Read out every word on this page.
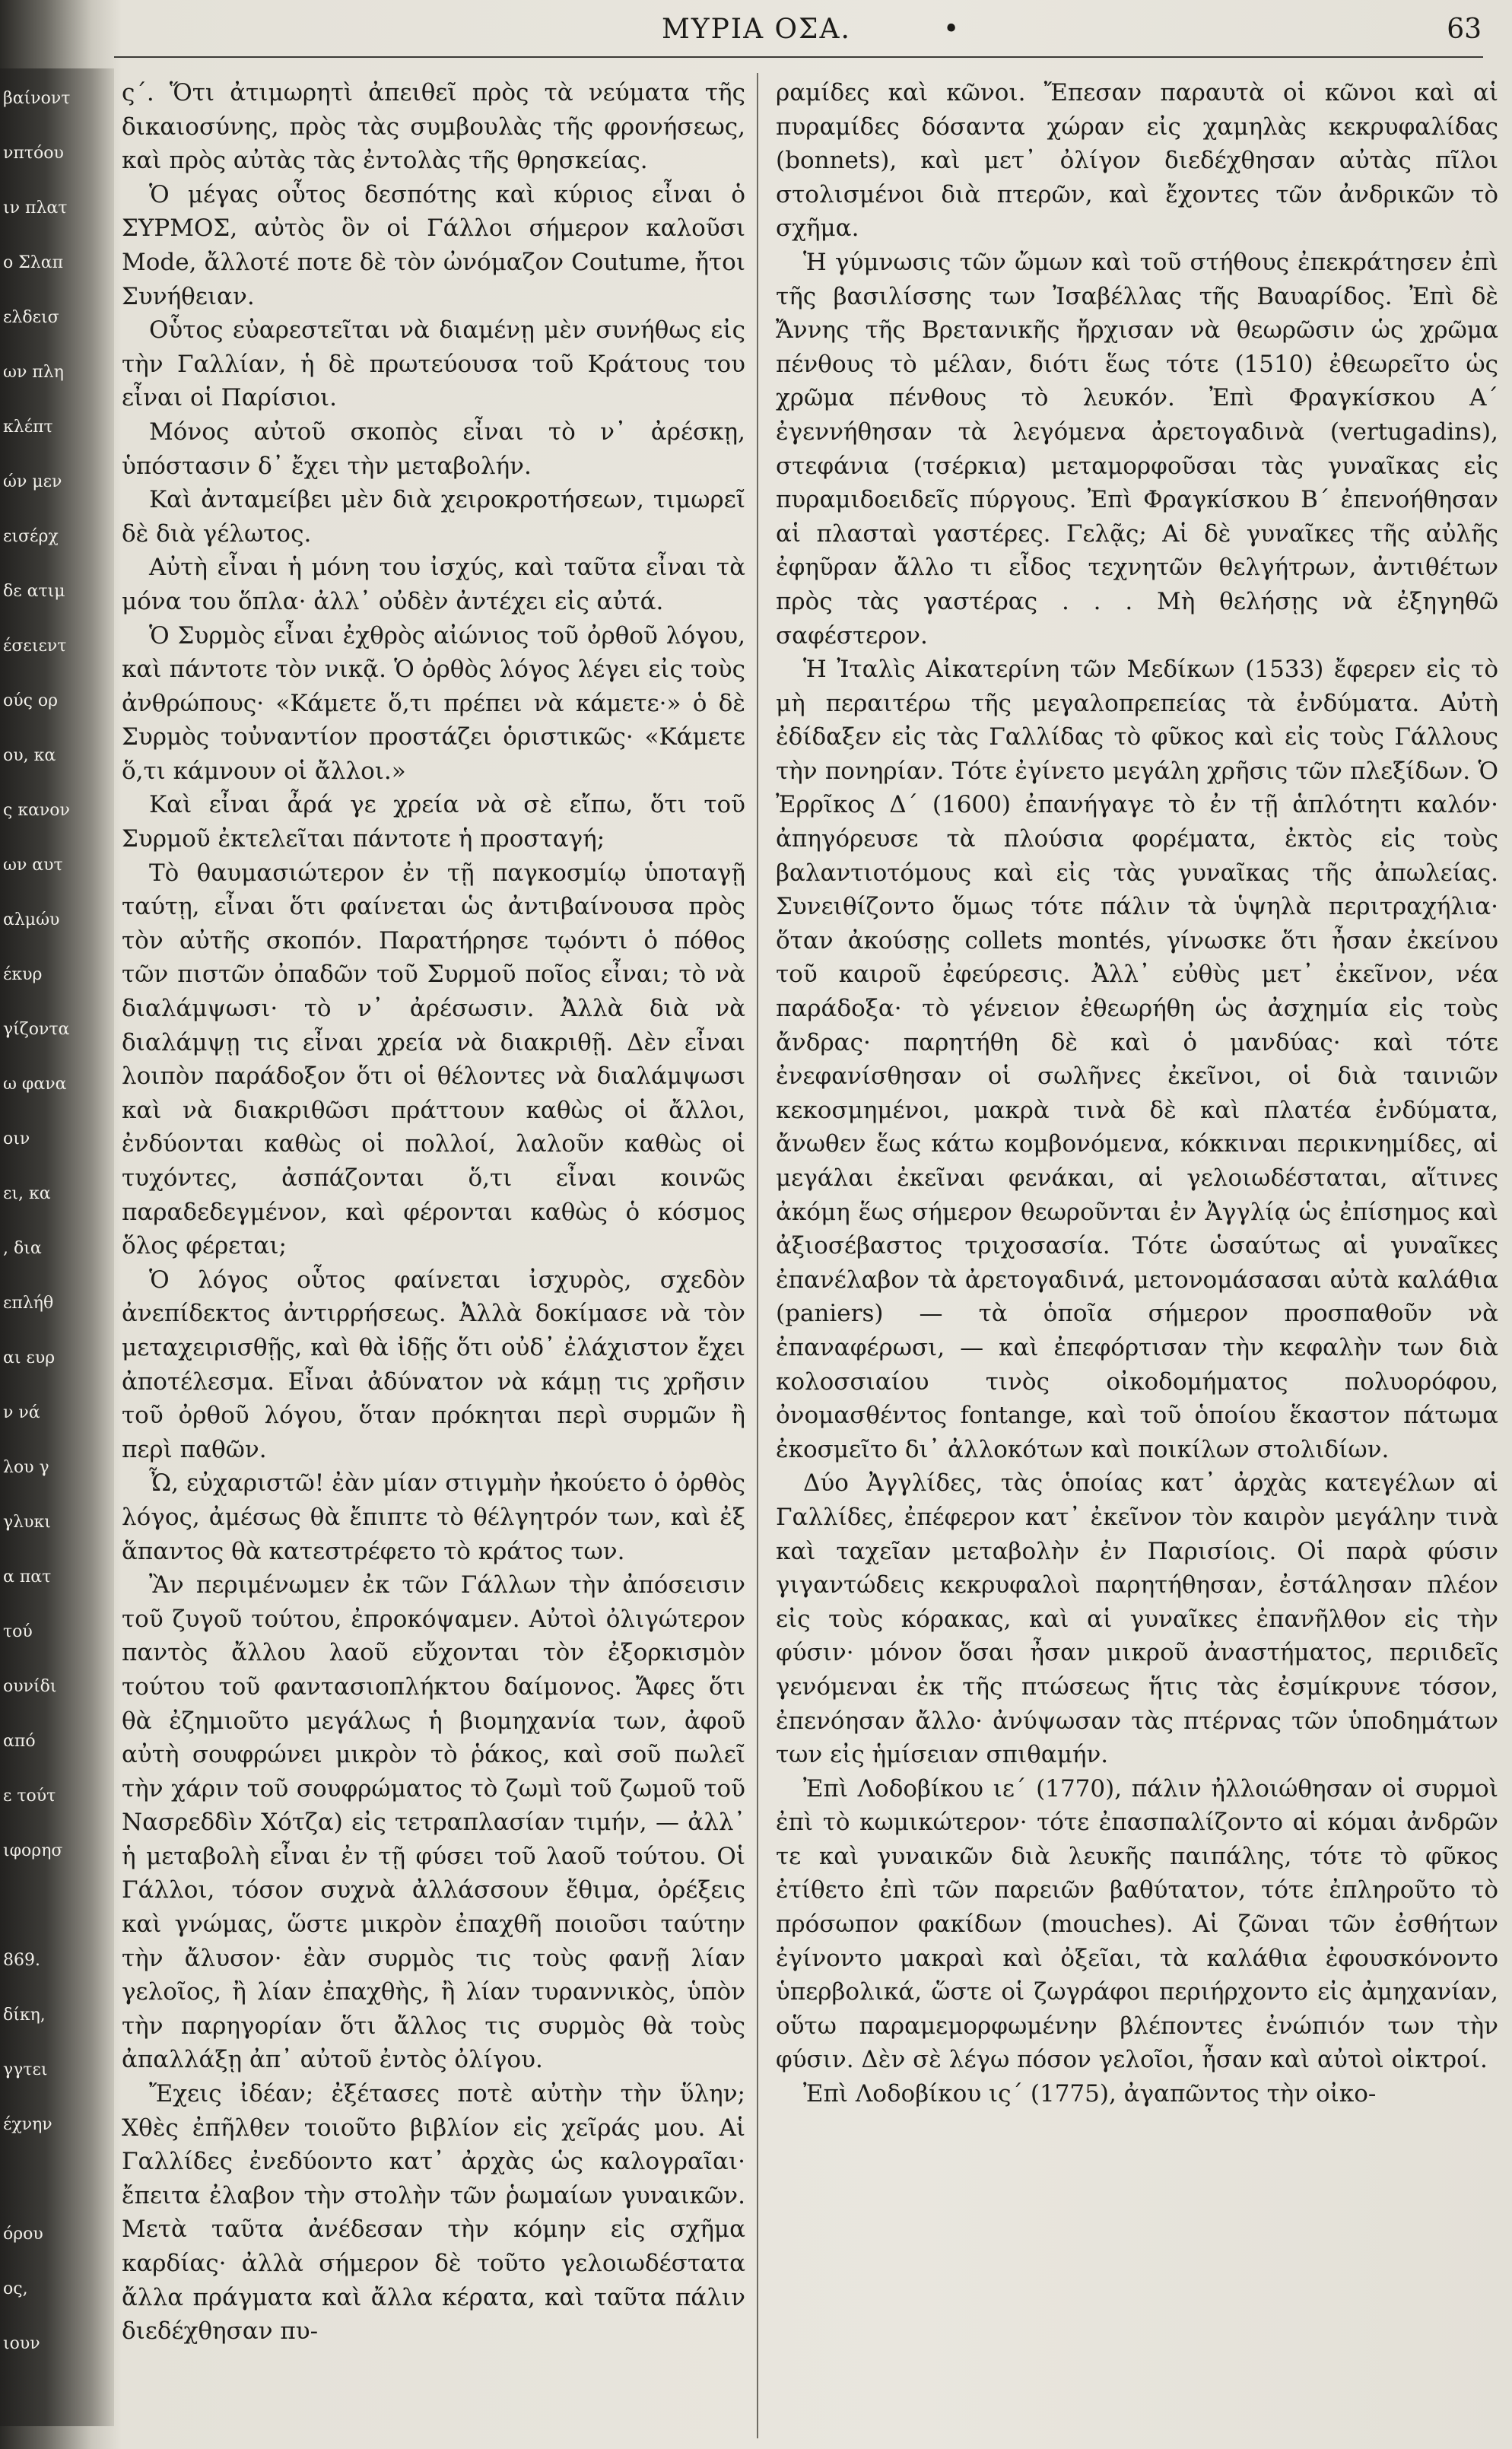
βαίνοντ
νπτόου
ιν πλατ
ο Σλαπ
ελδεισ
ων πλη
κλέπτ
ών μεν
εισέρχ
δε ατιμ
έσειεντ
ούς ορ
ου, κα
ς κανον
ων αυτ
αλμώυ
έκυρ
γίζοντα
ω φανα
οιν
ει, κα
, δια
επλήθ
αι ευρ
ν νά
λου γ
γλυκι
α πατ
τού
ουνίδι
από
ε τούτ
ιφορησ
869.
δίκη,
γγτει
έχνην
όρου
ος,
ιουν
ΜΥΡΙΑ ΟΣΑ.	•	63

ς΄. Ὅτι ἀτιμωρητὶ ἀπειθεῖ πρὸς τὰ νεύματα τῆς δικαιοσύνης, πρὸς τὰς συμβουλὰς τῆς φρονήσεως, καὶ πρὸς αὐτὰς τὰς ἐντολὰς τῆς θρησκείας.

Ὁ μέγας οὗτος δεσπότης καὶ κύριος εἶναι ὁ ΣΥΡΜΟΣ, αὐτὸς ὃν οἱ Γάλλοι σήμερον καλοῦσι Mode, ἄλλοτέ ποτε δὲ τὸν ὠνόμαζον Coutume, ἤτοι Συνήθειαν.

Οὗτος εὐαρεστεῖται νὰ διαμένῃ μὲν συνήθως εἰς τὴν Γαλλίαν, ἡ δὲ πρωτεύουσα τοῦ Κράτους του εἶναι οἱ Παρίσιοι.

Μόνος αὐτοῦ σκοπὸς εἶναι τὸ ν᾽ ἀρέσκῃ, ὑπόστασιν δ᾽ ἔχει τὴν μεταβολήν.

Καὶ ἀνταμείβει μὲν διὰ χειροκροτήσεων, τιμωρεῖ δὲ διὰ γέλωτος.

Αὐτὴ εἶναι ἡ μόνη του ἰσχύς, καὶ ταῦτα εἶναι τὰ μόνα του ὅπλα· ἀλλ᾽ οὐδὲν ἀντέχει εἰς αὐτά.

Ὁ Συρμὸς εἶναι ἐχθρὸς αἰώνιος τοῦ ὀρθοῦ λόγου, καὶ πάντοτε τὸν νικᾷ. Ὁ ὀρθὸς λόγος λέγει εἰς τοὺς ἀνθρώπους· «Κάμετε ὅ,τι πρέπει νὰ κάμετε·» ὁ δὲ Συρμὸς τοὐναντίον προστάζει ὁριστικῶς· «Κάμετε ὅ,τι κάμνουν οἱ ἄλλοι.»

Καὶ εἶναι ἆρά γε χρεία νὰ σὲ εἴπω, ὅτι τοῦ Συρμοῦ ἐκτελεῖται πάντοτε ἡ προσταγή;

Τὸ θαυμασιώτερον ἐν τῇ παγκοσμίῳ ὑποταγῇ ταύτῃ, εἶναι ὅτι φαίνεται ὡς ἀντιβαίνουσα πρὸς τὸν αὐτῆς σκοπόν. Παρατήρησε τῳόντι ὁ πόθος τῶν πιστῶν ὀπαδῶν τοῦ Συρμοῦ ποῖος εἶναι; τὸ νὰ διαλάμψωσι· τὸ ν᾽ ἀρέσωσιν. Ἀλλὰ διὰ νὰ διαλάμψῃ τις εἶναι χρεία νὰ διακριθῇ. Δὲν εἶναι λοιπὸν παράδοξον ὅτι οἱ θέλοντες νὰ διαλάμψωσι καὶ νὰ διακριθῶσι πράττουν καθὼς οἱ ἄλλοι, ἐνδύονται καθὼς οἱ πολλοί, λαλοῦν καθὼς οἱ τυχόντες, ἀσπάζονται ὅ,τι εἶναι κοινῶς παραδεδεγμένον, καὶ φέρονται καθὼς ὁ κόσμος ὅλος φέρεται;

Ὁ λόγος οὗτος φαίνεται ἰσχυρὸς, σχεδὸν ἀνεπίδεκτος ἀντιρρήσεως. Ἀλλὰ δοκίμασε νὰ τὸν μεταχειρισθῇς, καὶ θὰ ἰδῇς ὅτι οὐδ᾽ ἐλάχιστον ἔχει ἀποτέλεσμα. Εἶναι ἀδύνατον νὰ κάμῃ τις χρῆσιν τοῦ ὀρθοῦ λόγου, ὅταν πρόκηται περὶ συρμῶν ἢ περὶ παθῶν.

Ὦ, εὐχαριστῶ! ἐὰν μίαν στιγμὴν ἠκούετο ὁ ὀρθὸς λόγος, ἀμέσως θὰ ἔπιπτε τὸ θέλγητρόν των, καὶ ἐξ ἅπαντος θὰ κατεστρέφετο τὸ κράτος των.

Ἂν περιμένωμεν ἐκ τῶν Γάλλων τὴν ἀπόσεισιν τοῦ ζυγοῦ τούτου, ἐπροκόψαμεν. Αὐτοὶ ὀλιγώτερον παντὸς ἄλλου λαοῦ εὔχονται τὸν ἐξορκισμὸν τούτου τοῦ φαντασιοπλήκτου δαίμονος. Ἄφες ὅτι θὰ ἐζημιοῦτο μεγάλως ἡ βιομηχανία των, ἀφοῦ αὐτὴ σουφρώνει μικρὸν τὸ ῥάκος, καὶ σοῦ πωλεῖ τὴν χάριν τοῦ σουφρώματος τὸ ζωμὶ τοῦ ζωμοῦ τοῦ Νασρεδδὶν Χότζα) εἰς τετραπλασίαν τιμήν, — ἀλλ᾽ ἡ μεταβολὴ εἶναι ἐν τῇ φύσει τοῦ λαοῦ τούτου. Οἱ Γάλλοι, τόσον συχνὰ ἀλλάσσουν ἔθιμα, ὀρέξεις καὶ γνώμας, ὥστε μικρὸν ἐπαχθῆ ποιοῦσι ταύτην τὴν ἄλυσον· ἐὰν συρμὸς τις τοὺς φανῇ λίαν γελοῖος, ἢ λίαν ἐπαχθὴς, ἢ λίαν τυραννικὸς, ὑπὸν τὴν παρηγορίαν ὅτι ἄλλος τις συρμὸς θὰ τοὺς ἀπαλλάξῃ ἀπ᾽ αὐτοῦ ἐντὸς ὀλίγου.

Ἔχεις ἰδέαν; ἐξέτασες ποτὲ αὐτὴν τὴν ὕλην; Χθὲς ἐπῆλθεν τοιοῦτο βιβλίον εἰς χεῖράς μου. Αἱ Γαλλίδες ἐνεδύοντο κατ᾽ ἀρχὰς ὡς καλογραῖαι· ἔπειτα ἐλαβον τὴν στολὴν τῶν ῥωμαίων γυναικῶν. Μετὰ ταῦτα ἀνέδεσαν τὴν κόμην εἰς σχῆμα καρδίας· ἀλλὰ σήμερον δὲ τοῦτο γελοιωδέστατα ἄλλα πράγματα καὶ ἄλλα κέρατα, καὶ ταῦτα πάλιν διεδέχθησαν πυ-

ραμίδες καὶ κῶνοι. Ἔπεσαν παραυτὰ οἱ κῶνοι καὶ αἱ πυραμίδες δόσαντα χώραν εἰς χαμηλὰς κεκρυφαλίδας (bonnets), καὶ μετ᾽ ὀλίγον διεδέχθησαν αὐτὰς πῖλοι στολισμένοι διὰ πτερῶν, καὶ ἔχοντες τῶν ἀνδρικῶν τὸ σχῆμα.

Ἡ γύμνωσις τῶν ὤμων καὶ τοῦ στήθους ἐπεκράτησεν ἐπὶ τῆς βασιλίσσης των Ἰσαβέλλας τῆς Βαυαρίδος. Ἐπὶ δὲ Ἄννης τῆς Βρετανικῆς ἤρχισαν νὰ θεωρῶσιν ὡς χρῶμα πένθους τὸ μέλαν, διότι ἕως τότε (1510) ἐθεωρεῖτο ὡς χρῶμα πένθους τὸ λευκόν. Ἐπὶ Φραγκίσκου Α΄ ἐγεννήθησαν τὰ λεγόμενα ἀρετογαδινὰ (vertugadins), στεφάνια (τσέρκια) μεταμορφοῦσαι τὰς γυναῖκας εἰς πυραμιδοειδεῖς πύργους. Ἐπὶ Φραγκίσκου Β΄ ἐπενοήθησαν αἱ πλασταὶ γαστέρες. Γελᾷς; Αἱ δὲ γυναῖκες τῆς αὐλῆς ἐφηῦραν ἄλλο τι εἶδος τεχνητῶν θελγήτρων, ἀντιθέτων πρὸς τὰς γαστέρας . . . Μὴ θελήσῃς νὰ ἐξηγηθῶ σαφέστερον.

Ἡ Ἰταλὶς Αἰκατερίνη τῶν Μεδίκων (1533) ἔφερεν εἰς τὸ μὴ περαιτέρω τῆς μεγαλοπρεπείας τὰ ἐνδύματα. Αὐτὴ ἐδίδαξεν εἰς τὰς Γαλλίδας τὸ φῦκος καὶ εἰς τοὺς Γάλλους τὴν πονηρίαν. Τότε ἐγίνετο μεγάλη χρῆσις τῶν πλεξίδων. Ὁ Ἐρρῖκος Δ΄ (1600) ἐπανήγαγε τὸ ἐν τῇ ἁπλότητι καλόν· ἀπηγόρευσε τὰ πλούσια φορέματα, ἐκτὸς εἰς τοὺς βαλαντιοτόμους καὶ εἰς τὰς γυναῖκας τῆς ἀπωλείας. Συνειθίζοντο ὅμως τότε πάλιν τὰ ὑψηλὰ περιτραχήλια· ὅταν ἀκούσῃς collets montés, γίνωσκε ὅτι ἦσαν ἐκείνου τοῦ καιροῦ ἐφεύρεσις. Ἀλλ᾽ εὐθὺς μετ᾽ ἐκεῖνον, νέα παράδοξα· τὸ γένειον ἐθεωρήθη ὡς ἀσχημία εἰς τοὺς ἄνδρας· παρητήθη δὲ καὶ ὁ μανδύας· καὶ τότε ἐνεφανίσθησαν οἱ σωλῆνες ἐκεῖνοι, οἱ διὰ ταινιῶν κεκοσμημένοι, μακρὰ τινὰ δὲ καὶ πλατέα ἐνδύματα, ἄνωθεν ἕως κάτω κομβονόμενα, κόκκιναι περικνημίδες, αἱ μεγάλαι ἐκεῖναι φενάκαι, αἱ γελοιωδέσταται, αἵτινες ἀκόμη ἕως σήμερον θεωροῦνται ἐν Ἀγγλίᾳ ὡς ἐπίσημος καὶ ἀξιοσέβαστος τριχοσασία. Τότε ὡσαύτως αἱ γυναῖκες ἐπανέλαβον τὰ ἀρετογαδινά, μετονομάσασαι αὐτὰ καλάθια (paniers) — τὰ ὁποῖα σήμερον προσπαθοῦν νὰ ἐπαναφέρωσι, — καὶ ἐπεφόρτισαν τὴν κεφαλὴν των διὰ κολοσσιαίου τινὸς οἰκοδομήματος πολυορόφου, ὀνομασθέντος fontange, καὶ τοῦ ὁποίου ἕκαστον πάτωμα ἐκοσμεῖτο δι᾽ ἀλλοκότων καὶ ποικίλων στολιδίων.

Δύο Ἀγγλίδες, τὰς ὁποίας κατ᾽ ἀρχὰς κατεγέλων αἱ Γαλλίδες, ἐπέφερον κατ᾽ ἐκεῖνον τὸν καιρὸν μεγάλην τινὰ καὶ ταχεῖαν μεταβολὴν ἐν Παρισίοις. Οἱ παρὰ φύσιν γιγαντώδεις κεκρυφαλοὶ παρητήθησαν, ἐστάλησαν πλέον εἰς τοὺς κόρακας, καὶ αἱ γυναῖκες ἐπανῆλθον εἰς τὴν φύσιν· μόνον ὅσαι ἦσαν μικροῦ ἀναστήματος, περιιδεῖς γενόμεναι ἐκ τῆς πτώσεως ἥτις τὰς ἐσμίκρυνε τόσον, ἐπενόησαν ἄλλο· ἀνύψωσαν τὰς πτέρνας τῶν ὑποδημάτων των εἰς ἡμίσειαν σπιθαμήν.

Ἐπὶ Λοδοβίκου ιε΄ (1770), πάλιν ἠλλοιώθησαν οἱ συρμοὶ ἐπὶ τὸ κωμικώτερον· τότε ἐπασπαλίζοντο αἱ κόμαι ἀνδρῶν τε καὶ γυναικῶν διὰ λευκῆς παιπάλης, τότε τὸ φῦκος ἐτίθετο ἐπὶ τῶν παρειῶν βαθύτατον, τότε ἐπληροῦτο τὸ πρόσωπον φακίδων (mouches). Αἱ ζῶναι τῶν ἐσθήτων ἐγίνοντο μακραὶ καὶ ὀξεῖαι, τὰ καλάθια ἐφουσκόνοντο ὑπερβολικά, ὥστε οἱ ζωγράφοι περιήρχοντο εἰς ἀμηχανίαν, οὕτω παραμεμορφωμένην βλέποντες ἐνώπιόν των τὴν φύσιν. Δὲν σὲ λέγω πόσον γελοῖοι, ἦσαν καὶ αὐτοὶ οἰκτροί.

Ἐπὶ Λοδοβίκου ις΄ (1775), ἀγαπῶντος τὴν οἰκο-
